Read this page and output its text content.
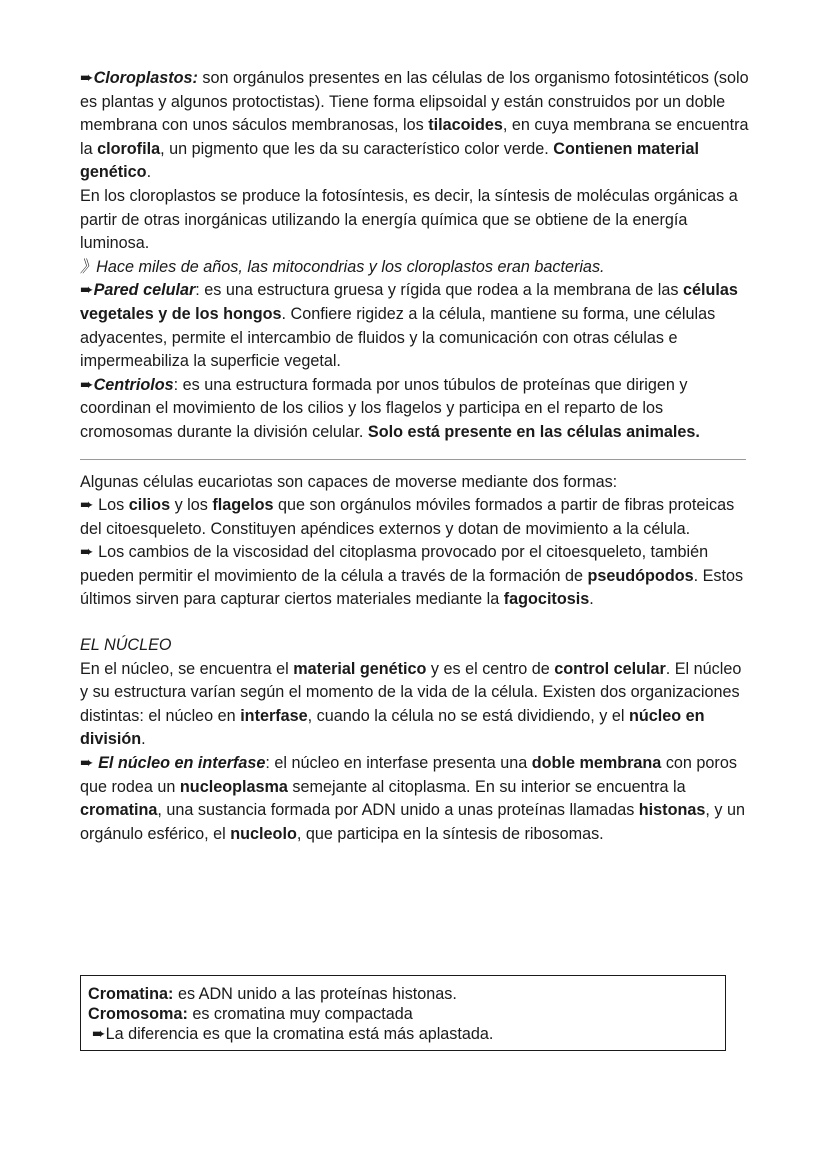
➨Cloroplastos: son orgánulos presentes en las células de los organismo fotosintéticos (solo es plantas y algunos protoctistas). Tiene forma elipsoidal y están construidos por un doble membrana con unos sáculos membranosas, los tilacoides, en cuya membrana se encuentra la clorofila, un pigmento que les da su característico color verde. Contienen material genético.

En los cloroplastos se produce la fotosíntesis, es decir, la síntesis de moléculas orgánicas a partir de otras inorgánicas utilizando la energía química que se obtiene de la energía luminosa.

》Hace miles de años, las mitocondrias y los cloroplastos eran bacterias.

➨Pared celular: es una estructura gruesa y rígida que rodea a la membrana de las células vegetales y de los hongos. Confiere rigidez a la célula, mantiene su forma, une células adyacentes, permite el intercambio de fluidos y la comunicación con otras células e impermeabiliza la superficie vegetal.

➨Centriolos: es una estructura formada por unos túbulos de proteínas que dirigen y coordinan el movimiento de los cilios y los flagelos y participa en el reparto de los cromosomas durante la división celular. Solo está presente en las células animales.

Algunas células eucariotas son capaces de moverse mediante dos formas:

➨ Los cilios y los flagelos que son orgánulos móviles formados a partir de fibras proteicas del citoesqueleto. Constituyen apéndices externos y dotan de movimiento a la célula.

➨ Los cambios de la viscosidad del citoplasma provocado por el citoesqueleto, también pueden permitir el movimiento de la célula a través de la formación de pseudópodos. Estos últimos sirven para capturar ciertos materiales mediante la fagocitosis.

EL NÚCLEO

En el núcleo, se encuentra el material genético y es el centro de control celular. El núcleo y su estructura varían según el momento de la vida de la célula. Existen dos organizaciones distintas: el núcleo en interfase, cuando la célula no se está dividiendo, y el núcleo en división.

➨ El núcleo en interfase: el núcleo en interfase presenta una doble membrana con poros que rodea un nucleoplasma semejante al citoplasma. En su interior se encuentra la cromatina, una sustancia formada por ADN unido a unas proteínas llamadas histonas, y un orgánulo esférico, el nucleolo, que participa en la síntesis de ribosomas.

Cromatina: es ADN unido a las proteínas histonas.

Cromosoma: es cromatina muy compactada

➨La diferencia es que la cromatina está más aplastada.
